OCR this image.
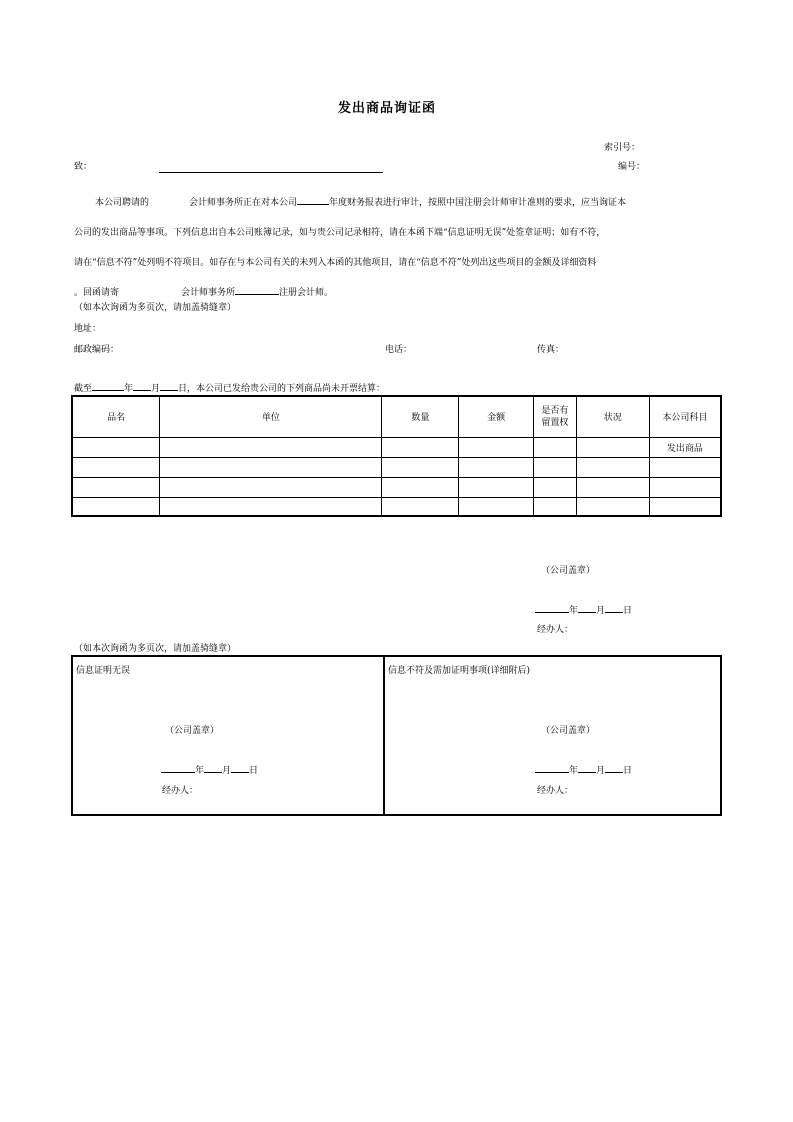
发出商品询证函
索引号：
编号：
致：
本公司聘请的	会计师事务所正在对本公司	年度财务报表进行审计，按照中国注册会计师审计准则的要求，应当询证本
公司的发出商品等事项。下列信息出自本公司账簿记录，如与贵公司记录相符，请在本函下端“信息证明无误”处签章证明；如有不符，
请在“信息不符”处列明不符项目。如存在与本公司有关的未列入本函的其他项目，请在“信息不符”处列出这些项目的金额及详细资料
。回函请寄	会计师事务所	注册会计师。
（如本次询函为多页次，请加盖骑缝章）
地址：
邮政编码：	电话：	传真：
截至	年 月 日，本公司已发给贵公司的下列商品尚未开票结算：
品名	单位	数量	金额	是否有留置权	状况	本公司科目
						发出商品

（公司盖章）
年 月 日
经办人：
（如本次询函为多页次，请加盖骑缝章）
信息证明无误
（公司盖章）
年 月 日
经办人：
信息不符及需加证明事项(详细附后)
（公司盖章）
年 月 日
经办人：
